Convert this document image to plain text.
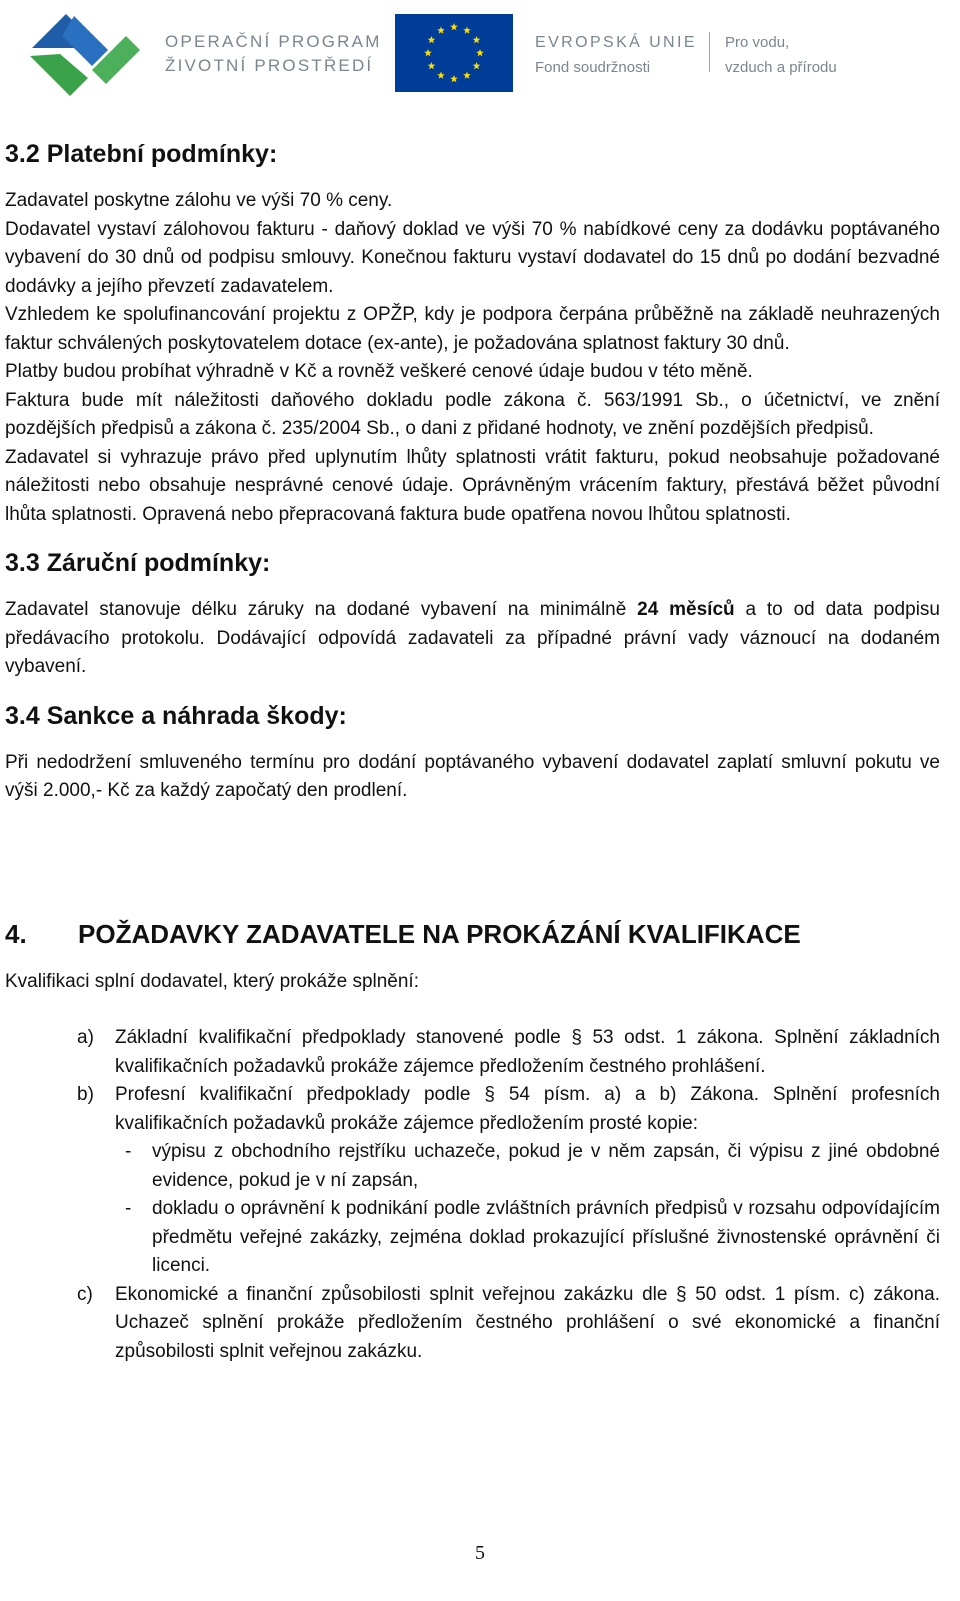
OPERAČNÍ PROGRAM
ŽIVOTNÍ PROSTŘEDÍ
EVROPSKÁ UNIE
Fond soudržnosti
Pro vodu,
vzduch a přírodu
3.2 Platební podmínky:

Zadavatel poskytne zálohu ve výši 70 % ceny.

Dodavatel vystaví zálohovou fakturu - daňový doklad ve výši 70 % nabídkové ceny za dodávku poptávaného vybavení do 30 dnů od podpisu smlouvy. Konečnou fakturu vystaví dodavatel do 15 dnů po dodání bezvadné dodávky a jejího převzetí zadavatelem.

Vzhledem ke spolufinancování projektu z OPŽP, kdy je podpora čerpána průběžně na základě neuhrazených faktur schválených poskytovatelem dotace (ex-ante), je požadována splatnost faktury 30 dnů.

Platby budou probíhat výhradně v Kč a rovněž veškeré cenové údaje budou v této měně.

Faktura bude mít náležitosti daňového dokladu podle zákona č. 563/1991 Sb., o účetnictví, ve znění pozdějších předpisů a zákona č. 235/2004 Sb., o dani z přidané hodnoty, ve znění pozdějších předpisů.

Zadavatel si vyhrazuje právo před uplynutím lhůty splatnosti vrátit fakturu, pokud neobsahuje požadované náležitosti nebo obsahuje nesprávné cenové údaje. Oprávněným vrácením faktury, přestává běžet původní lhůta splatnosti. Opravená nebo přepracovaná faktura bude opatřena novou lhůtou splatnosti.

3.3 Záruční podmínky:

Zadavatel stanovuje délku záruky na dodané vybavení na minimálně 24 měsíců a to od data podpisu předávacího protokolu. Dodávající odpovídá zadavateli za případné právní vady váznoucí na dodaném vybavení.

3.4 Sankce a náhrada škody:

Při nedodržení smluveného termínu pro dodání poptávaného vybavení dodavatel zaplatí smluvní pokutu ve výši 2.000,- Kč za každý započatý den prodlení.

4. POŽADAVKY ZADAVATELE NA PROKÁZÁNÍ KVALIFIKACE

Kvalifikaci splní dodavatel, který prokáže splnění:

a) Základní kvalifikační předpoklady stanovené podle § 53 odst. 1 zákona. Splnění základních kvalifikačních požadavků prokáže zájemce předložením čestného prohlášení.
b) Profesní kvalifikační předpoklady podle § 54 písm. a) a b) Zákona. Splnění profesních kvalifikačních požadavků prokáže zájemce předložením prosté kopie:
- výpisu z obchodního rejstříku uchazeče, pokud je v něm zapsán, či výpisu z jiné obdobné evidence, pokud je v ní zapsán,
- dokladu o oprávnění k podnikání podle zvláštních právních předpisů v rozsahu odpovídajícím předmětu veřejné zakázky, zejména doklad prokazující příslušné živnostenské oprávnění či licenci.
c) Ekonomické a finanční způsobilosti splnit veřejnou zakázku dle § 50 odst. 1 písm. c) zákona. Uchazeč splnění prokáže předložením čestného prohlášení o své ekonomické a finanční způsobilosti splnit veřejnou zakázku.
5
